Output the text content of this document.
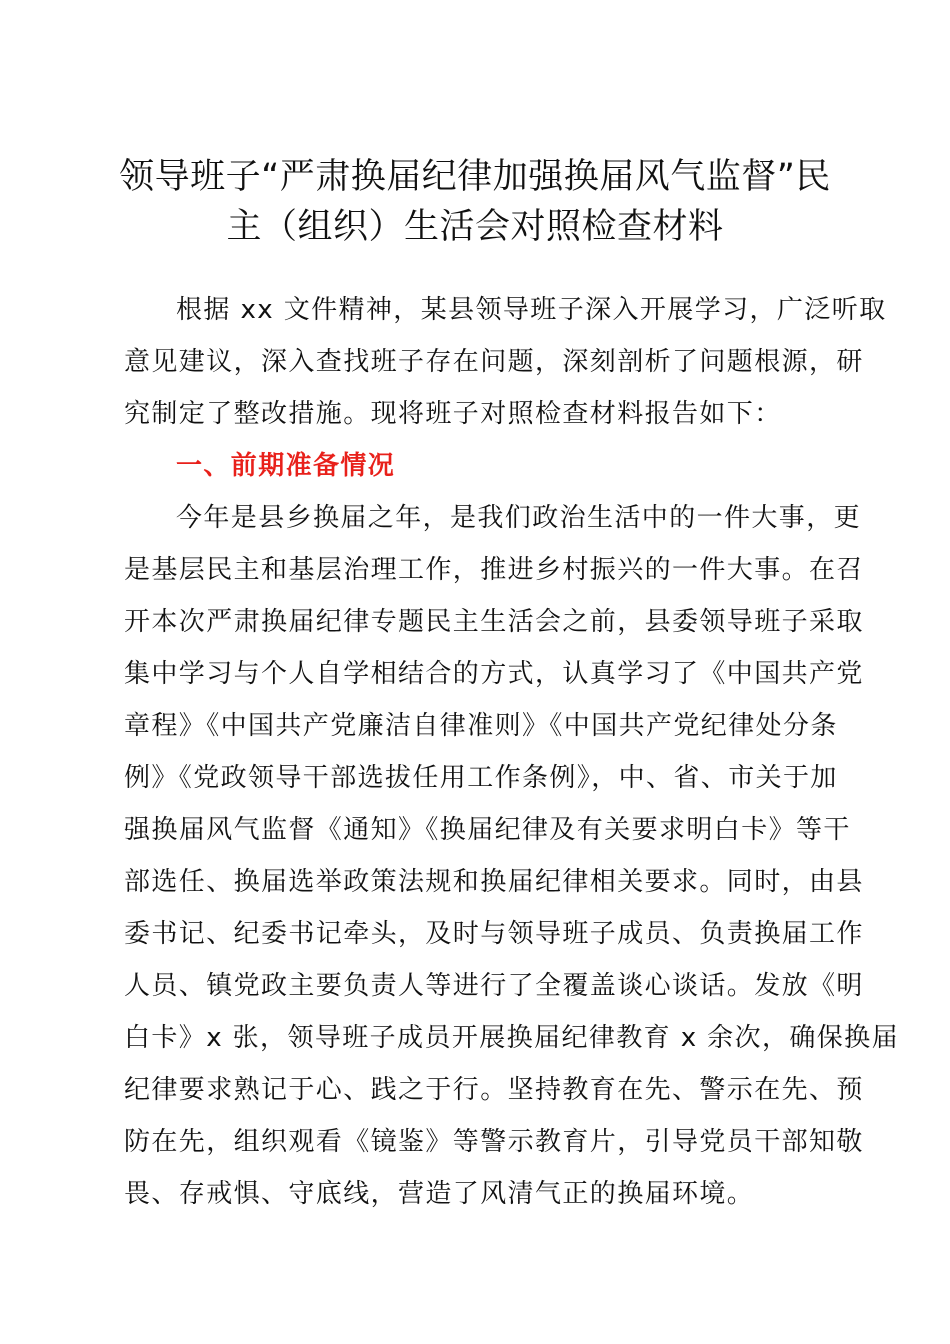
领导班子“严肃换届纪律加强换届风气监督”民
主（组织）生活会对照检查材料

根据 xx 文件精神，某县领导班子深入开展学习，广泛听取
意见建议，深入查找班子存在问题，深刻剖析了问题根源，研
究制定了整改措施。现将班子对照检查材料报告如下：

一、前期准备情况

今年是县乡换届之年，是我们政治生活中的一件大事，更
是基层民主和基层治理工作，推进乡村振兴的一件大事。在召
开本次严肃换届纪律专题民主生活会之前，县委领导班子采取
集中学习与个人自学相结合的方式，认真学习了《中国共产党
章程》《中国共产党廉洁自律准则》《中国共产党纪律处分条
例》《党政领导干部选拔任用工作条例》，中、省、市关于加
强换届风气监督《通知》《换届纪律及有关要求明白卡》等干
部选任、换届选举政策法规和换届纪律相关要求。同时，由县
委书记、纪委书记牵头，及时与领导班子成员、负责换届工作
人员、镇党政主要负责人等进行了全覆盖谈心谈话。发放《明
白卡》x 张，领导班子成员开展换届纪律教育 x 余次，确保换届
纪律要求熟记于心、践之于行。坚持教育在先、警示在先、预
防在先，组织观看《镜鉴》等警示教育片，引导党员干部知敬
畏、存戒惧、守底线，营造了风清气正的换届环境。
